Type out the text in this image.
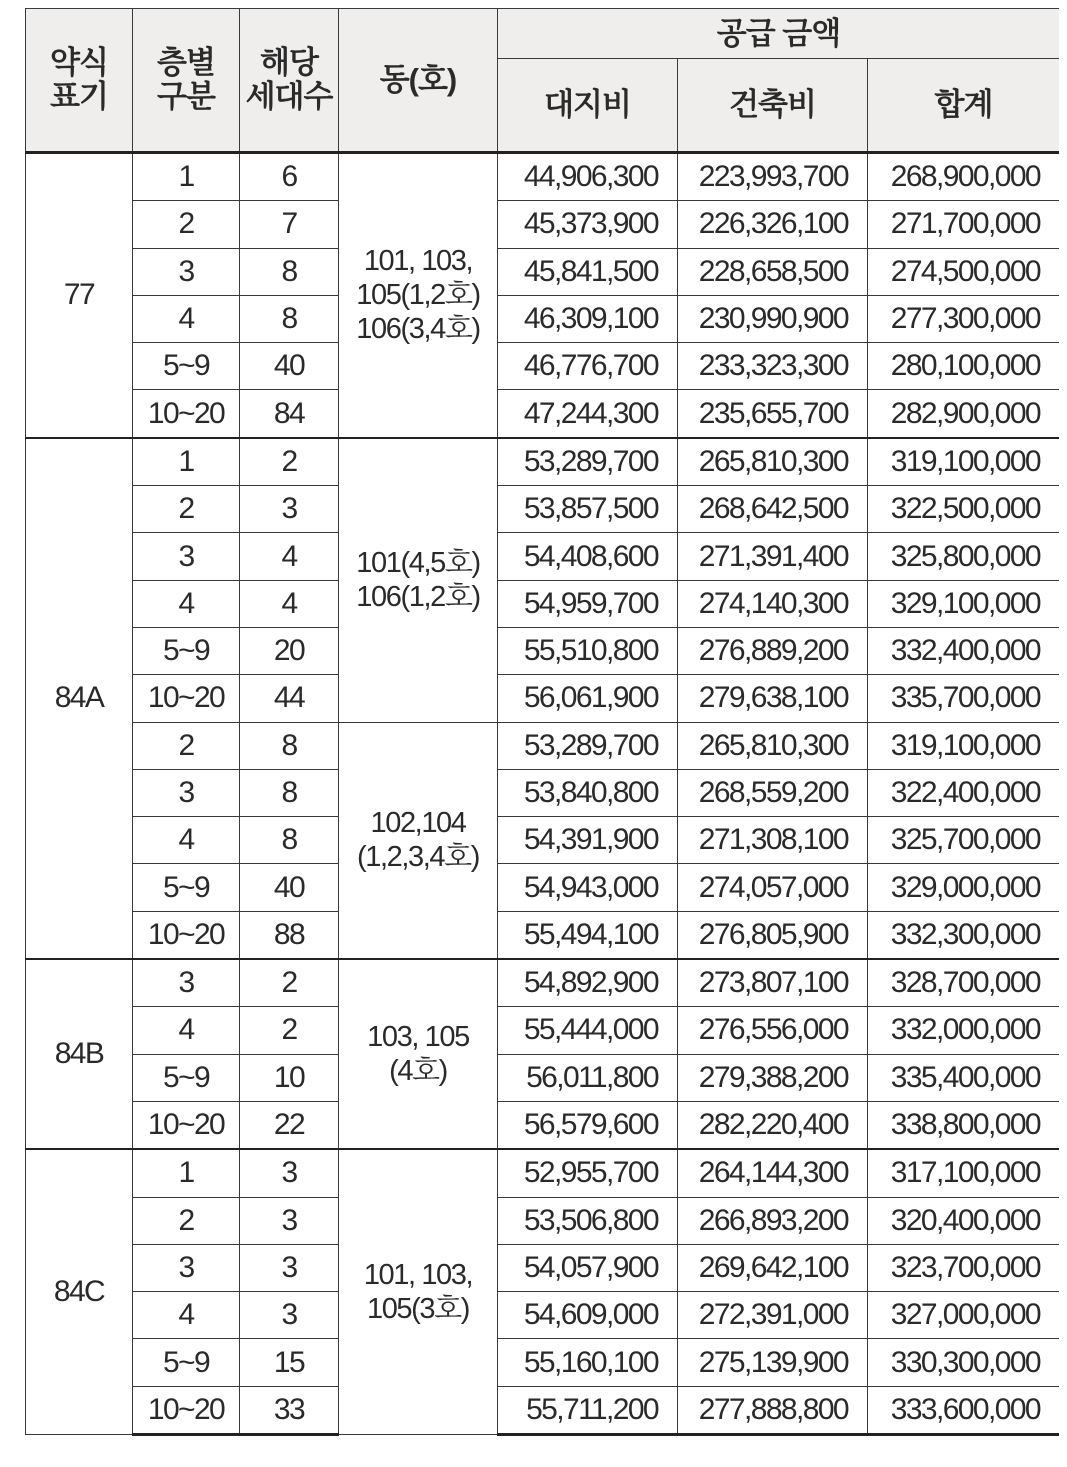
약식
표기	층별
구분	해당
세대수	동(호)	공급 금액		
				대지비	건축비	합계
77	1	6	101, 103,
105(1,2호)
106(3,4호)	44,906,300	223,993,700	268,900,000
	2	7		45,373,900	226,326,100	271,700,000
	3	8		45,841,500	228,658,500	274,500,000
	4	8		46,309,100	230,990,900	277,300,000
	5~9	40		46,776,700	233,323,300	280,100,000
	10~20	84		47,244,300	235,655,700	282,900,000
84A	1	2	101(4,5호)
106(1,2호)	53,289,700	265,810,300	319,100,000
	2	3		53,857,500	268,642,500	322,500,000
	3	4		54,408,600	271,391,400	325,800,000
	4	4		54,959,700	274,140,300	329,100,000
	5~9	20		55,510,800	276,889,200	332,400,000
	10~20	44		56,061,900	279,638,100	335,700,000
	2	8	102,104
(1,2,3,4호)	53,289,700	265,810,300	319,100,000
	3	8		53,840,800	268,559,200	322,400,000
	4	8		54,391,900	271,308,100	325,700,000
	5~9	40		54,943,000	274,057,000	329,000,000
	10~20	88		55,494,100	276,805,900	332,300,000
84B	3	2	103, 105
(4호)	54,892,900	273,807,100	328,700,000
	4	2		55,444,000	276,556,000	332,000,000
	5~9	10		56,011,800	279,388,200	335,400,000
	10~20	22		56,579,600	282,220,400	338,800,000
84C	1	3	101, 103,
105(3호)	52,955,700	264,144,300	317,100,000
	2	3		53,506,800	266,893,200	320,400,000
	3	3		54,057,900	269,642,100	323,700,000
	4	3		54,609,000	272,391,000	327,000,000
	5~9	15		55,160,100	275,139,900	330,300,000
	10~20	33		55,711,200	277,888,800	333,600,000
